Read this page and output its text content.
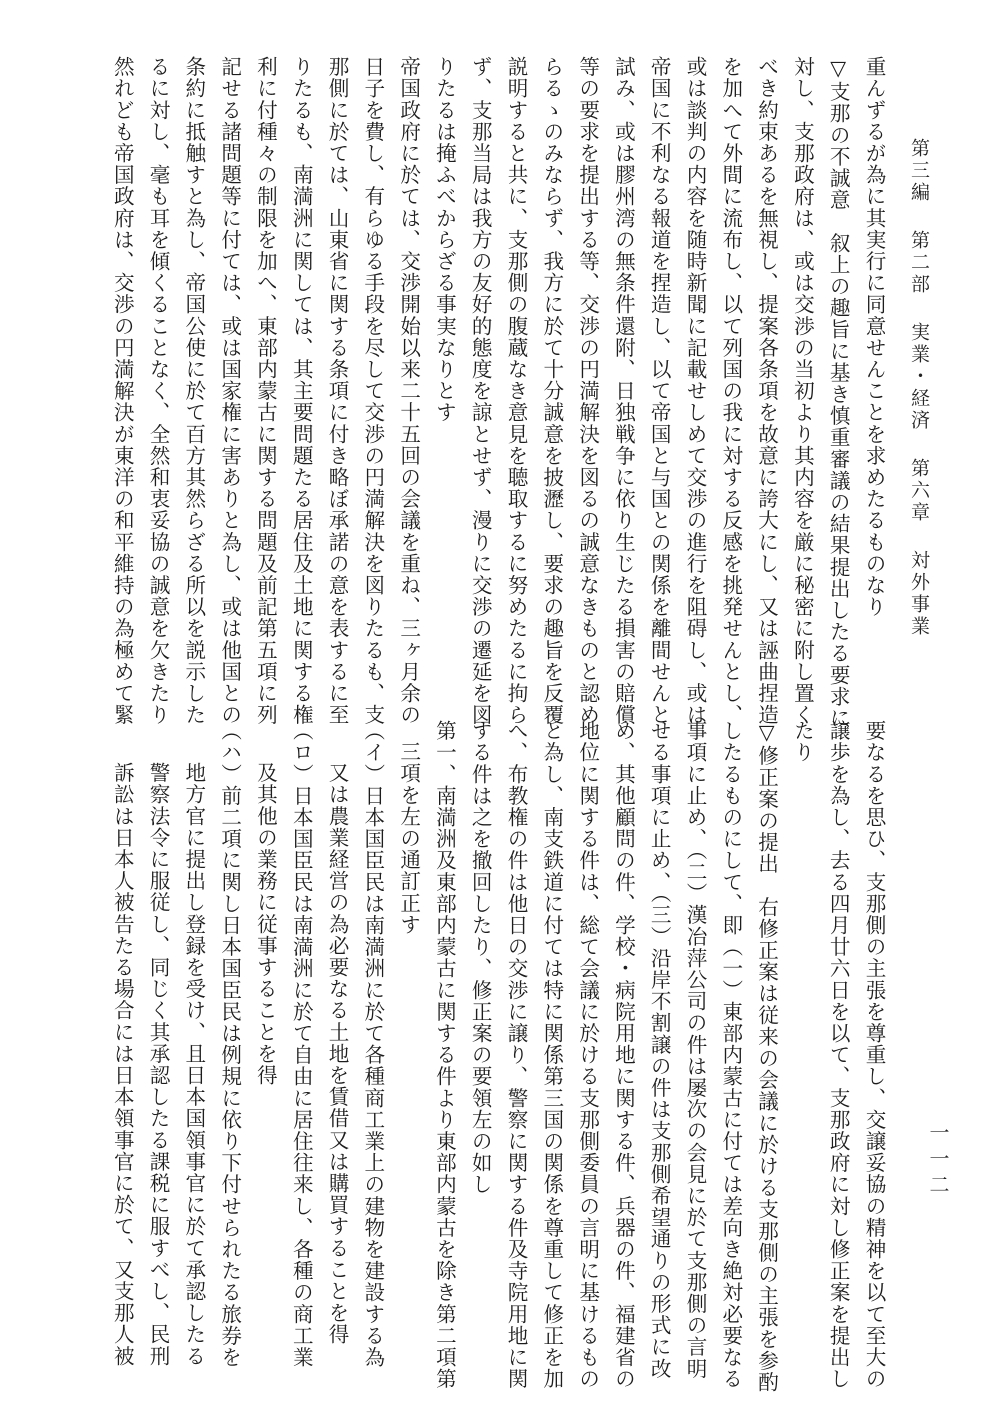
第三編第二部実業・経済第六章対外事業
一一二
重んずるが為に其実行に同意せんことを求めたるものなり
▽支那の不誠意　叙上の趣旨に基き慎重審議の結果提出したる要求に
対し、支那政府は、或は交渉の当初より其内容を厳に秘密に附し置く
べき約束あるを無視し、提案各条項を故意に誇大にし、又は誣曲捏造
を加へて外間に流布し、以て列国の我に対する反感を挑発せんとし、
或は談判の内容を随時新聞に記載せしめて交渉の進行を阻碍し、或は
帝国に不利なる報道を捏造し、以て帝国と与国との関係を離間せんと
試み、或は膠州湾の無条件還附、日独戦争に依り生じたる損害の賠償
等の要求を提出する等、交渉の円満解決を図るの誠意なきものと認め
らるゝのみならず、我方に於て十分誠意を披瀝し、要求の趣旨を反覆
説明すると共に、支那側の腹蔵なき意見を聴取するに努めたるに拘ら
ず、支那当局は我方の友好的態度を諒とせず、漫りに交渉の遷延を図
りたるは掩ふべからざる事実なりとす
帝国政府に於ては、交渉開始以来二十五回の会議を重ね、三ヶ月余の
日子を費し、有らゆる手段を尽して交渉の円満解決を図りたるも、支
那側に於ては、山東省に関する条項に付き略ぼ承諾の意を表するに至
りたるも、南満洲に関しては、其主要問題たる居住及土地に関する権
利に付種々の制限を加へ、東部内蒙古に関する問題及前記第五項に列
記せる諸問題等に付ては、或は国家権に害ありと為し、或は他国との
条約に抵触すと為し、帝国公使に於て百方其然らざる所以を説示した
るに対し、毫も耳を傾くることなく、全然和衷妥協の誠意を欠きたり
然れども帝国政府は、交渉の円満解決が東洋の和平維持の為極めて緊
要なるを思ひ、支那側の主張を尊重し、交譲妥協の精神を以て至大の
譲歩を為し、去る四月廿六日を以て、支那政府に対し修正案を提出し
たり
▽修正案の提出　右修正案は従来の会議に於ける支那側の主張を参酌
したるものにして、即（一）東部内蒙古に付ては差向き絶対必要なる
事項に止め、（二）漢冶萍公司の件は屡次の会見に於て支那側の言明
せる事項に止め、（三）沿岸不割譲の件は支那側希望通りの形式に改
め、其他顧問の件、学校・病院用地に関する件、兵器の件、福建省の
地位に関する件は、総て会議に於ける支那側委員の言明に基けるもの
と為し、南支鉄道に付ては特に関係第三国の関係を尊重して修正を加
へ、布教権の件は他日の交渉に譲り、警察に関する件及寺院用地に関
する件は之を撤回したり、修正案の要領左の如し
第一、南満洲及東部内蒙古に関する件より東部内蒙古を除き第二項第
三項を左の通訂正す
（イ）日本国臣民は南満洲に於て各種商工業上の建物を建設する為
又は農業経営の為必要なる土地を賃借又は購買することを得
（ロ）日本国臣民は南満洲に於て自由に居住往来し、各種の商工業
及其他の業務に従事することを得
（ハ）前二項に関し日本国臣民は例規に依り下付せられたる旅券を
地方官に提出し登録を受け、且日本国領事官に於て承認したる
警察法令に服従し、同じく其承認したる課税に服すべし、民刑
訴訟は日本人被告たる場合には日本領事官に於て、又支那人被
